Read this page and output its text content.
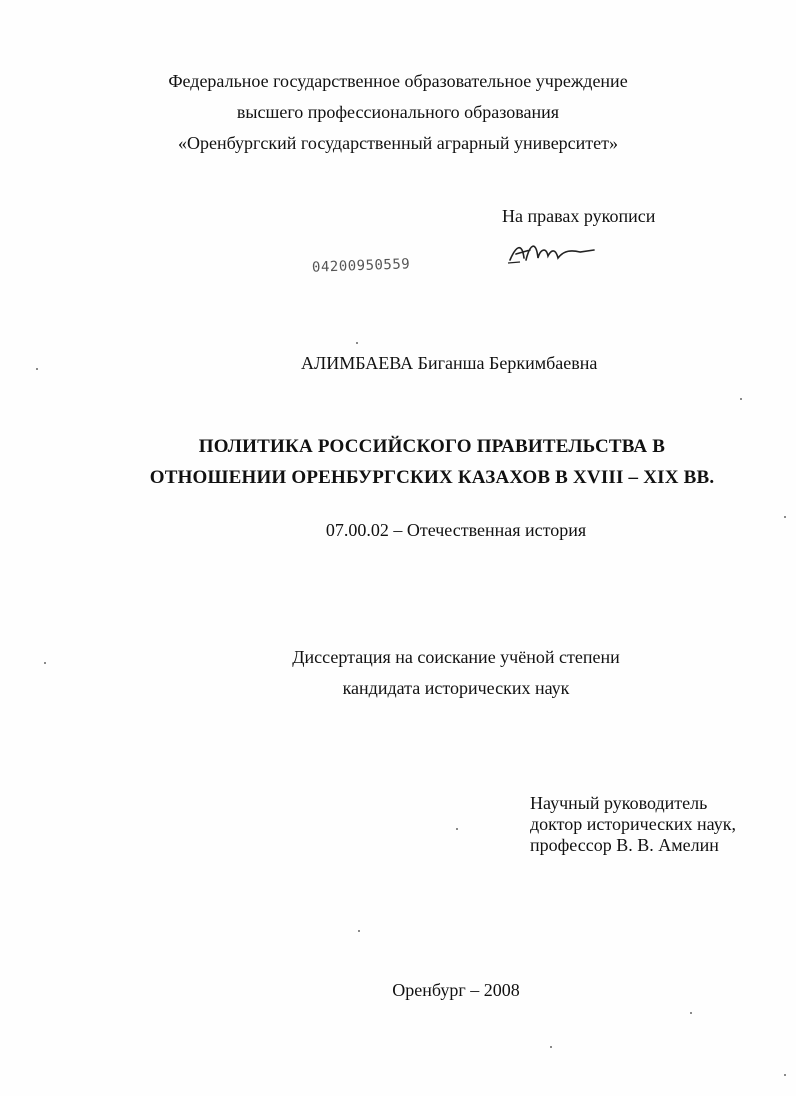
Федеральное государственное образовательное учреждение
высшего профессионального образования
«Оренбургский государственный аграрный университет»
На правах рукописи
04200950559
АЛИМБАЕВА Биганша Беркимбаевна
ПОЛИТИКА РОССИЙСКОГО ПРАВИТЕЛЬСТВА В
ОТНОШЕНИИ ОРЕНБУРГСКИХ КАЗАХОВ В XVIII – XIX ВВ.
07.00.02 – Отечественная история
Диссертация на соискание учёной степени
кандидата исторических наук
Научный руководитель
доктор исторических наук,
профессор В. В. Амелин
Оренбург – 2008
